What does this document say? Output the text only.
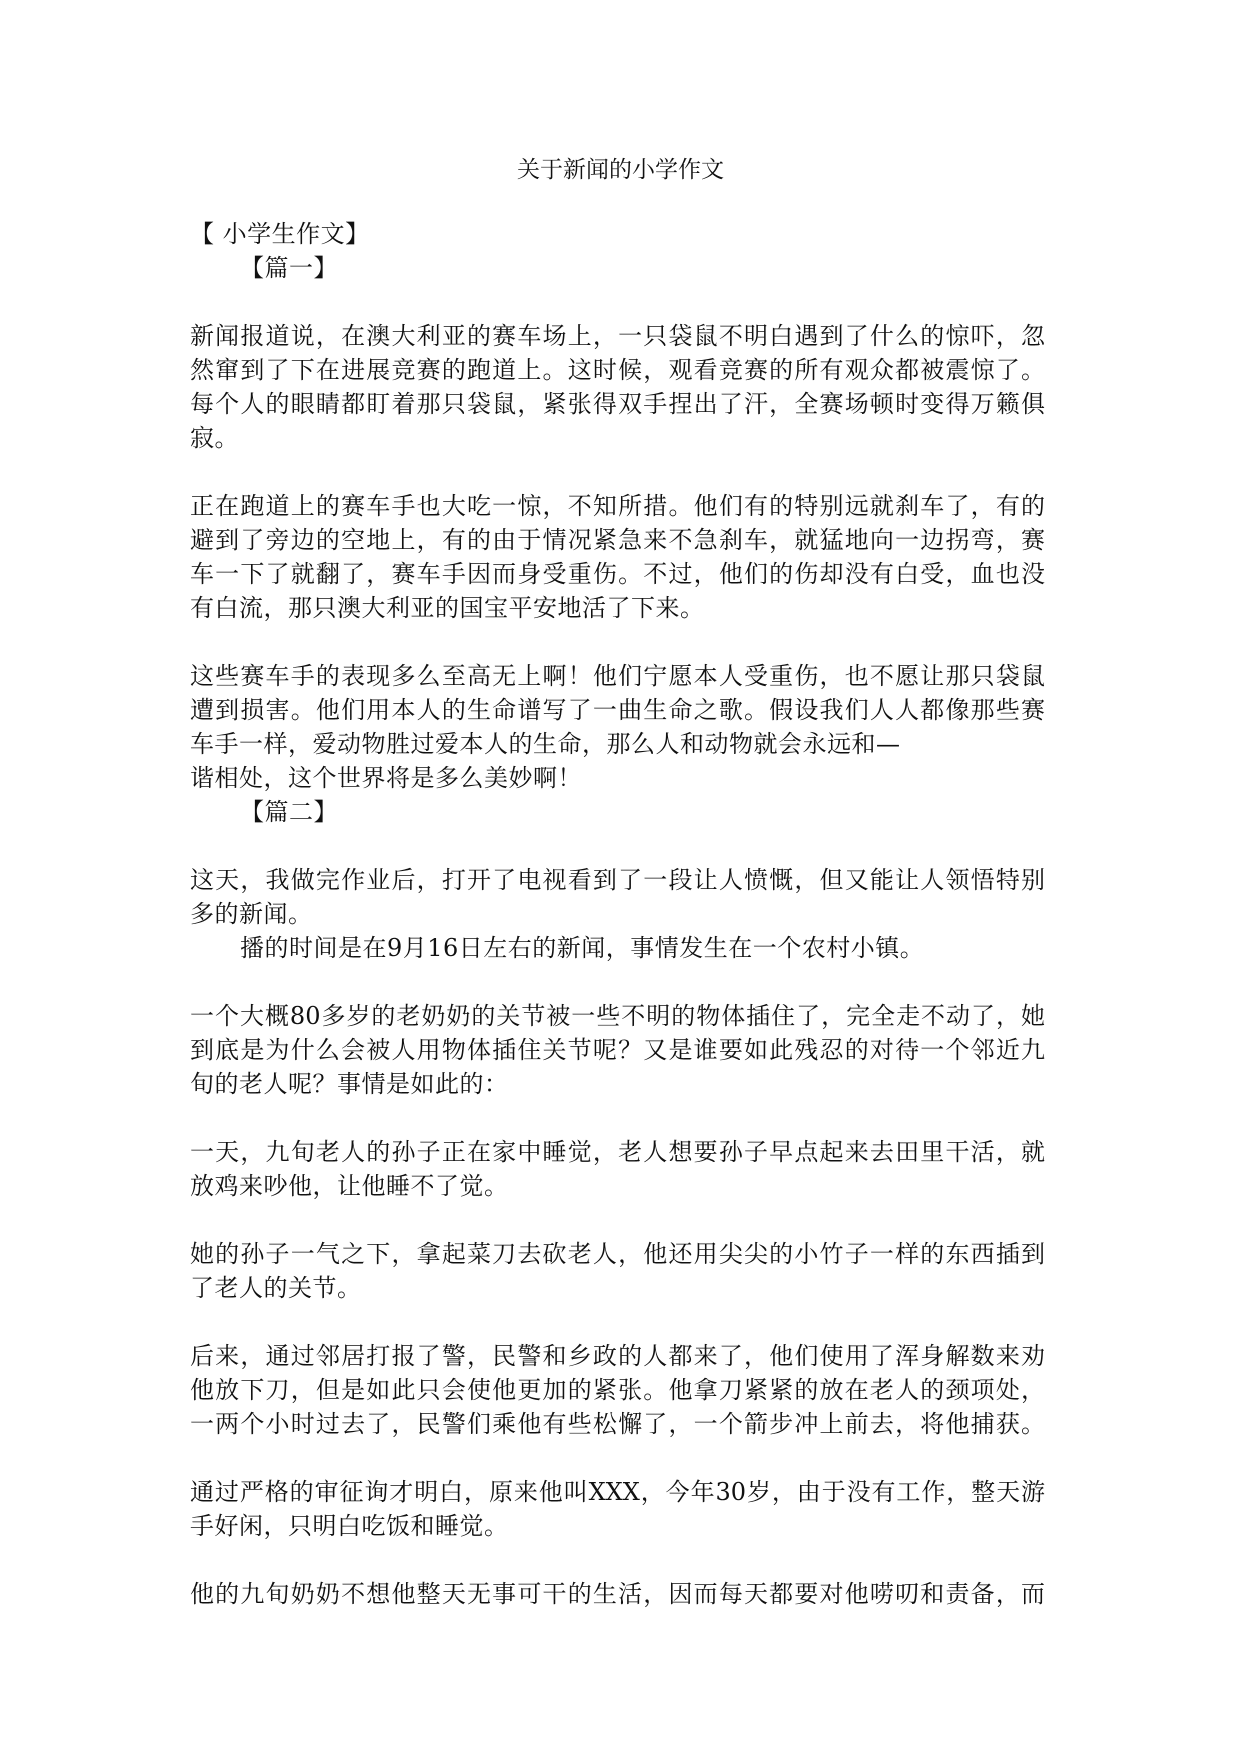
关于新闻的小学作文
【 小学生作文】
【篇一】
新闻报道说，在澳大利亚的赛车场上，一只袋鼠不明白遇到了什么的惊吓，忽
然窜到了下在进展竞赛的跑道上。这时候，观看竞赛的所有观众都被震惊了。
每个人的眼睛都盯着那只袋鼠，紧张得双手捏出了汗，全赛场顿时变得万籁俱
寂。
正在跑道上的赛车手也大吃一惊，不知所措。他们有的特别远就刹车了，有的
避到了旁边的空地上，有的由于情况紧急来不急刹车，就猛地向一边拐弯，赛
车一下了就翻了，赛车手因而身受重伤。不过，他们的伤却没有白受，血也没
有白流，那只澳大利亚的国宝平安地活了下来。
这些赛车手的表现多么至高无上啊！他们宁愿本人受重伤，也不愿让那只袋鼠
遭到损害。他们用本人的生命谱写了一曲生命之歌。假设我们人人都像那些赛
车手一样，爱动物胜过爱本人的生命，那么人和动物就会永远和—
谐相处，这个世界将是多么美妙啊！
【篇二】
这天，我做完作业后，打开了电视看到了一段让人愤慨，但又能让人领悟特别
多的新闻。
播的时间是在9月16日左右的新闻，事情发生在一个农村小镇。
一个大概80多岁的老奶奶的关节被一些不明的物体插住了，完全走不动了，她
到底是为什么会被人用物体插住关节呢？又是谁要如此残忍的对待一个邻近九
旬的老人呢？事情是如此的：
一天，九旬老人的孙子正在家中睡觉，老人想要孙子早点起来去田里干活，就
放鸡来吵他，让他睡不了觉。
她的孙子一气之下，拿起菜刀去砍老人，他还用尖尖的小竹子一样的东西插到
了老人的关节。
后来，通过邻居打报了警，民警和乡政的人都来了，他们使用了浑身解数来劝
他放下刀，但是如此只会使他更加的紧张。他拿刀紧紧的放在老人的颈项处，
一两个小时过去了，民警们乘他有些松懈了，一个箭步冲上前去，将他捕获。
通过严格的审征询才明白，原来他叫XXX，今年30岁，由于没有工作，整天游
手好闲，只明白吃饭和睡觉。
他的九旬奶奶不想他整天无事可干的生活，因而每天都要对他唠叨和责备，而
